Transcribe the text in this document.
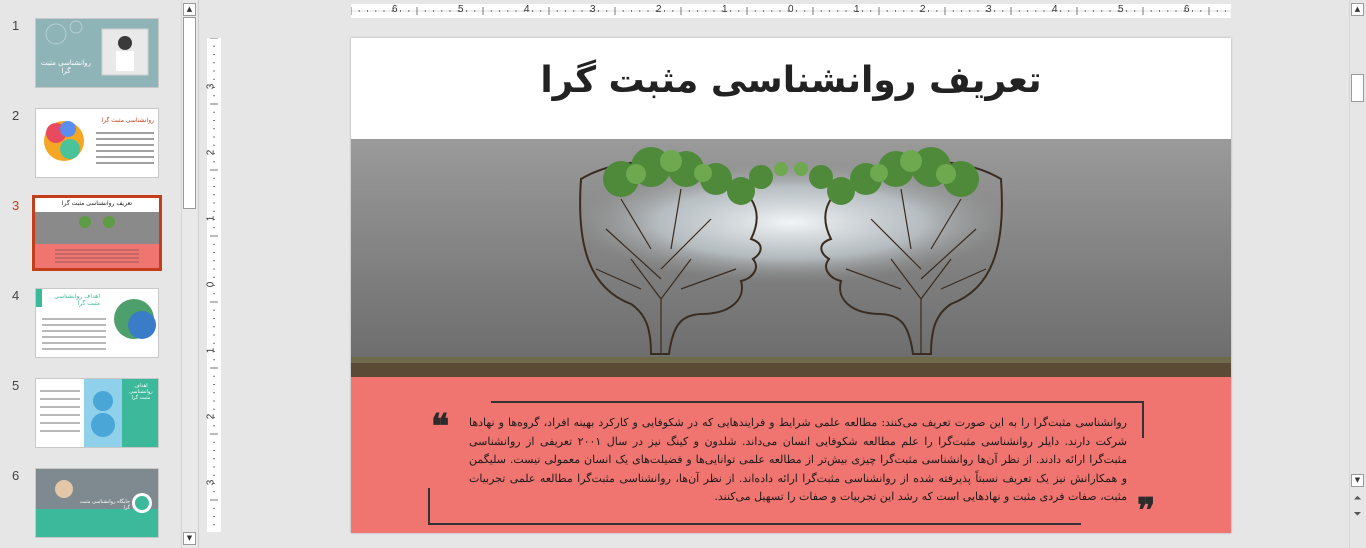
1
روانشناسی مثبت گرا
2	روانشناسی مثبت گرا
3	تعریف روانشناسی مثبت گرا
4	اهداف روانشناسی مثبت گرا
5	اهداف روانشناسی مثبت گرا
6
جایگاه روانشناسی مثبت گرا
▲
▼
6	5	4	3	2	1	0	1	2	3	4	5	6
3
2
1
0
1
2
3
تعریف روانشناسی مثبت گرا
❝
❞
روانشناسی مثبت‌گرا را به این صورت تعریف می‌کنند: مطالعه علمی شرایط و فرایندهایی که در شکوفایی و کارکرد بهینه افراد، گروه‌ها و نهادها شرکت دارند. دایلر روانشناسی مثبت‌گرا را علم مطالعه شکوفایی انسان می‌داند. شلدون و کینگ نیز در سال ۲۰۰۱ تعریفی از روانشناسی مثبت‌گرا ارائه دادند. از نظر آن‌ها روانشناسی مثبت‌گرا چیزی بیش‌تر از مطالعه علمی توانایی‌ها و فضیلت‌های یک انسان معمولی نیست. سلیگمن و همکارانش نیز یک تعریف نسبتاً پذیرفته شده از روانشناسی مثبت‌گرا ارائه داده‌اند. از نظر آن‌ها، روانشناسی مثبت‌گرا مطالعه علمی تجربیات مثبت، صفات فردی مثبت و نهادهایی است که رشد این تجربیات و صفات را تسهیل می‌کنند.
▲
▼
⏶
⏷
